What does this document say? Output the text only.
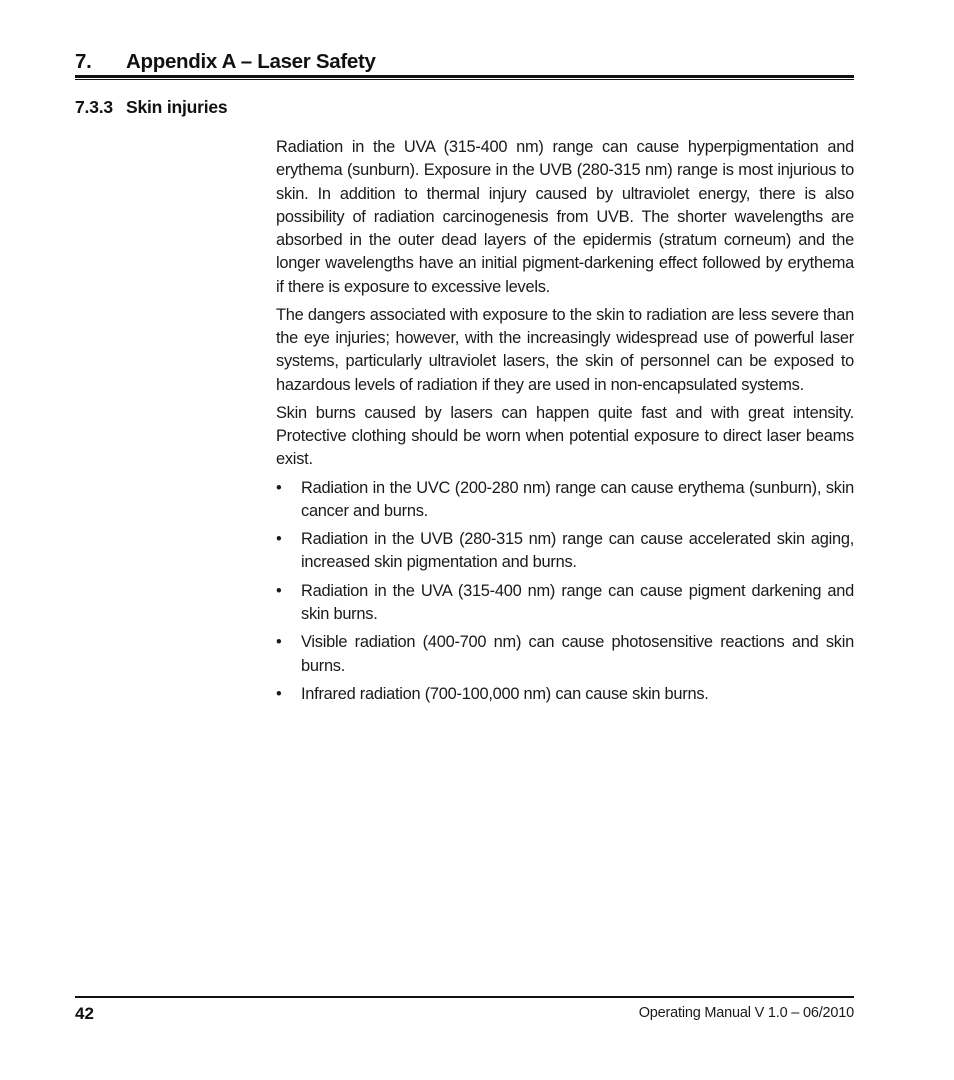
7.	Appendix A – Laser Safety
7.3.3 Skin injuries

Radiation in the UVA (315-400 nm) range can cause hyperpigmentation and erythema (sunburn). Exposure in the UVB (280-315 nm) range is most injurious to skin. In addition to thermal injury caused by ultraviolet energy, there is also possibility of radiation carcinogenesis from UVB. The shorter wavelengths are absorbed in the outer dead layers of the epidermis (stratum corneum) and the longer wavelengths have an initial pigment-darkening effect followed by erythema if there is exposure to excessive levels.

The dangers associated with exposure to the skin to radiation are less severe than the eye injuries; however, with the increasingly widespread use of powerful laser systems, particularly ultraviolet lasers, the skin of personnel can be exposed to hazardous levels of radiation if they are used in non-encapsulated systems.

Skin burns caused by lasers can happen quite fast and with great intensity. Protective clothing should be worn when potential exposure to direct laser beams exist.

•	Radiation in the UVC (200-280 nm) range can cause erythema (sunburn), skin cancer and burns.
•	Radiation in the UVB (280-315 nm) range can cause accelerated skin aging, increased skin pigmentation and burns.
•	Radiation in the UVA (315-400 nm) range can cause pigment darkening and skin burns.
•	Visible radiation (400-700 nm) can cause photosensitive reactions and skin burns.
•	Infrared radiation (700-100,000 nm) can cause skin burns.
42	Operating Manual V 1.0 – 06/2010
